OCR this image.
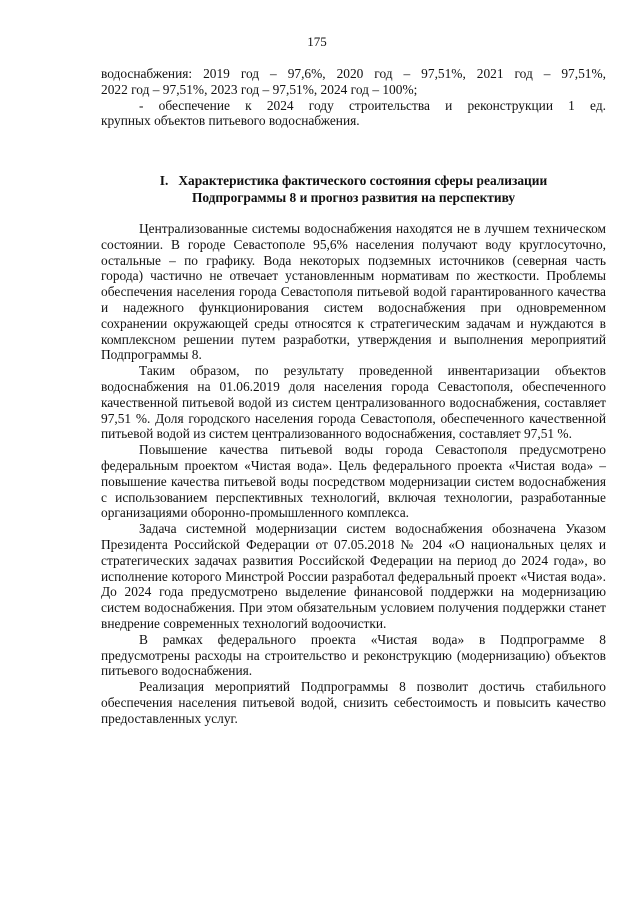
175
водоснабжения: 2019 год – 97,6%, 2020 год – 97,51%, 2021 год – 97,51%,
2022 год – 97,51%, 2023 год – 97,51%, 2024 год – 100%;
- обеспечение к 2024 году строительства и реконструкции 1 ед.
крупных объектов питьевого водоснабжения.
I. Характеристика фактического состояния сферы реализации
Подпрограммы 8 и прогноз развития на перспективу

Централизованные системы водоснабжения находятся не в лучшем техническом состоянии. В городе Севастополе 95,6% населения получают воду круглосуточно, остальные – по графику. Вода некоторых подземных источников (северная часть города) частично не отвечает установленным нормативам по жесткости. Проблемы обеспечения населения города Севастополя питьевой водой гарантированного качества и надежного функционирования систем водоснабжения при одновременном сохранении окружающей среды относятся к стратегическим задачам и нуждаются в комплексном решении путем разработки, утверждения и выполнения мероприятий Подпрограммы 8.

Таким образом, по результату проведенной инвентаризации объектов водоснабжения на 01.06.2019 доля населения города Севастополя, обеспеченного качественной питьевой водой из систем централизованного водоснабжения, составляет 97,51 %. Доля городского населения города Севастополя, обеспеченного качественной питьевой водой из систем централизованного водоснабжения, составляет 97,51 %.

Повышение качества питьевой воды города Севастополя предусмотрено федеральным проектом «Чистая вода». Цель федерального проекта «Чистая вода» – повышение качества питьевой воды посредством модернизации систем водоснабжения с использованием перспективных технологий, включая технологии, разработанные организациями оборонно-промышленного комплекса.

Задача системной модернизации систем водоснабжения обозначена Указом Президента Российской Федерации от 07.05.2018 № 204 «О национальных целях и стратегических задачах развития Российской Федерации на период до 2024 года», во исполнение которого Минстрой России разработал федеральный проект «Чистая вода». До 2024 года предусмотрено выделение финансовой поддержки на модернизацию систем водоснабжения. При этом обязательным условием получения поддержки станет внедрение современных технологий водоочистки.

В рамках федерального проекта «Чистая вода» в Подпрограмме 8 предусмотрены расходы на строительство и реконструкцию (модернизацию) объектов питьевого водоснабжения.

Реализация мероприятий Подпрограммы 8 позволит достичь стабильного обеспечения населения питьевой водой, снизить себестоимость и повысить качество предоставленных услуг.
